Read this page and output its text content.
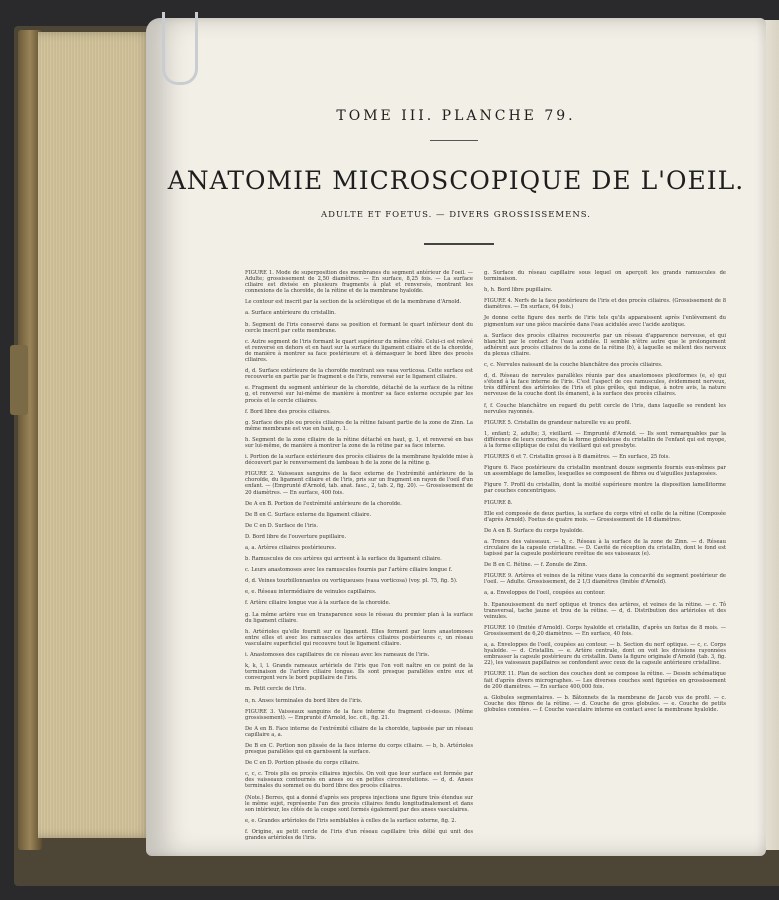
TOME III. PLANCHE 79.
ANATOMIE MICROSCOPIQUE DE L'OEIL.
ADULTE ET FOETUS. — DIVERS GROSSISSEMENS.
FIGURE 1. Mode de superposition des membranes du segment antérieur de l'oeil. — Adulte; grossissement de 2,50 diamètres. — En surface, 8,25 fois. — La surface ciliaire est divisée en plusieurs fragments à plat et renversés, montrant les connexions de la choroïde, de la rétine et de la membrane hyaloïde.
Le contour est inscrit par la section de la sclérotique et de la membrane d'Arnold.
a. Surface antérieure du cristallin.
b. Segment de l'iris conservé dans sa position et formant le quart inférieur dont du cercle inscrit par cette membrane.
c. Autre segment de l'iris formant le quart supérieur du même côté. Celui-ci est relevé et renversé en dehors et en haut sur la surface du ligament ciliaire et de la choroïde, de manière à montrer sa face postérieure et à démasquer le bord libre des procès ciliaires.
d, d. Surface extérieure de la choroïde montrant ses vasa vorticosa. Cette surface est recouverte en partie par le fragment e de l'iris, renversé sur le ligament ciliaire.
e. Fragment du segment antérieur de la choroïde, détaché de la surface de la rétine g, et renversé sur lui-même de manière à montrer sa face externe occupée par les procès et le cercle ciliaires.
f. Bord libre des procès ciliaires.
g. Surface des plis ou procès ciliaires de la rétine faisant partie de la zone de Zinn. La même membrane est vue en haut, g. 1.
h. Segment de la zone ciliaire de la rétine détaché en haut, g. 1, et renversé en bas sur lui-même, de manière à montrer la zone de la rétine par sa face interne.
i. Portion de la surface extérieure des procès ciliaires de la membrane hyaloïde mise à découvert par le renversement du lambeau h de la zone de la rétine g.
FIGURE 2. Vaisseaux sanguins de la face externe de l'extrémité antérieure de la choroïde, du ligament ciliaire et de l'iris, pris sur un fragment en rayon de l'oeil d'un enfant. — (Emprunté d'Arnold, tab. anat. fasc., 2, tab. 2, fig. 20). — Grossissement de 20 diamètres. — En surface, 400 fois.
De A en B. Portion de l'extrémité antérieure de la choroïde.
De B en C. Surface externe du ligament ciliaire.
De C en D. Surface de l'iris.
D. Bord libre de l'ouverture pupillaire.
a, a. Artères ciliaires postérieures.
b. Ramuscules de ces artères qui arrivent à la surface du ligament ciliaire.
c. Leurs anastomoses avec les ramuscules fournis par l'artère ciliaire longue f.
d, d. Veines tourbillonnantes ou vortiqueuses (vasa vorticosa) (voy. pl. 75, fig. 5).
e, e. Réseau intermédiaire de veinules capillaires.
f. Artère ciliaire longue vue à la surface de la choroïde.
g. La même artère vue en transparence sous le réseau du premier plan à la surface du ligament ciliaire.
h. Artérioles qu'elle fournit sur ce ligament. Elles forment par leurs anastomoses entre elles et avec les ramuscules des artères ciliaires postérieures c, un réseau vasculaire superficiel qui recouvre tout le ligament ciliaire.
i. Anastomoses des capillaires de ce réseau avec les rameaux de l'iris.
k, k, l, l. Grands rameaux artériels de l'iris que l'on voit naître en ce point de la terminaison de l'artère ciliaire longue. Ils sont presque parallèles entre eux et convergent vers le bord pupillaire de l'iris.
m. Petit cercle de l'iris.
n, n. Anses terminales du bord libre de l'iris.
FIGURE 3. Vaisseaux sanguins de la face interne du fragment ci-dessus. (Même grossissement). — Emprunté d'Arnold, loc. cit., fig. 21.
De A en B. Face interne de l'extrémité ciliaire de la choroïde, tapissée par un réseau capillaire a, a.
De B en C. Portion non plissée de la face interne du corps ciliaire. — b, b. Artérioles presque parallèles qui en garnissent la surface.
De C en D. Portion plissée du corps ciliaire.
c, c, c. Trois plis ou procès ciliaires injectés. On voit que leur surface est formée par des vaisseaux contournés en anses ou en petites circonvolutions. — d, d. Anses terminales du sommet ou du bord libre des procès ciliaires.
(Note.) Berres, qui a donné d'après ses propres injections une figure très étendue sur le même sujet, représente l'un des procès ciliaires fendu longitudinalement et dans son intérieur, les côtés de la coupe sont formés également par des anses vasculaires.
e, e. Grandes artérioles de l'iris semblables à celles de la surface externe, fig. 2.
f. Origine, au petit cercle de l'iris d'un réseau capillaire très délié qui unit des grandes artérioles de l'iris.
g. Surface du réseau capillaire sous lequel on aperçoit les grands ramuscules de terminaison.
h, h. Bord libre pupillaire.
FIGURE 4. Nerfs de la face postérieure de l'iris et des procès ciliaires. (Grossissement de 8 diamètres. — En surface, 64 fois.)
Je donne cette figure des nerfs de l'iris tels qu'ils apparaissent après l'enlèvement du pigmentum sur une pièce macérée dans l'eau acidulée avec l'acide azotique.
a. Surface des procès ciliaires recouverte par un réseau d'apparence nerveuse, et qui blanchit par le contact de l'eau acidulée. Il semble n'être autre que le prolongement adhérent aux procès ciliaires de la zone de la rétine (b), à laquelle se mêlent des nerveux du plexus ciliaire.
c, c. Nervules naissant de la couche blanchâtre des procès ciliaires.
d, d. Réseau de nervules parallèles réunis par des anastomoses plexiformes (e, e) qui s'étend à la face interne de l'iris. C'est l'aspect de ces ramuscules, évidemment nerveux, très différent des artérioles de l'iris et plus grêles, qui indique, à notre avis, la nature nerveuse de la couche dont ils émanent, à la surface des procès ciliaires.
f, f. Couche blanchâtre en regard du petit cercle de l'iris, dans laquelle se rendent les nervules rayonnés.
FIGURE 5. Cristallin de grandeur naturelle vu au profil.
1, enfant; 2, adulte; 3, vieillard. — Emprunté d'Arnold. — Ils sont remarquables par la différence de leurs courbes; de la forme globuleuse du cristallin de l'enfant qui est myope, à la forme elliptique de celui du vieillard qui est presbyte.
FIGURES 6 et 7. Cristallin grossi à 8 diamètres. — En surface, 25 fois.
Figure 6. Face postérieure du cristallin montrant douze segments fournis eux-mêmes par un assemblage de lamelles, lesquelles se composent de fibres ou d'aiguilles juxtaposées.
Figure 7. Profil du cristallin, dont la moitié supérieure montre la disposition lamellitorme par couches concentriques.
FIGURE 8.
Elle est composée de deux parties, la surface du corps vitré et celle de la rétine (Composée d'après Arnold). Foetus de quatre mois. — Grossissement de 18 diamètres.
De A en B. Surface du corps hyaloïde.
a. Troncs des vaisseaux. — b, c. Réseau à la surface de la zone de Zinn. — d. Réseau circulaire de la capsule cristalline. — D. Cavité de réception du cristallin, dont le fond est tapissé par la capsule postérieure revêtue de ses vaisseaux (e).
De B en C. Rétine. — f. Zonule de Zinn.
FIGURE 9. Artères et veines de la rétine vues dans la concavité du segment postérieur de l'oeil. — Adulte. Grossissement, de 2 1/3 diamètres (Imitée d'Arnold).
a, a. Enveloppes de l'oeil, coupées au contour.
b. Epanouissement du nerf optique et troncs des artères, et veines de la rétine. — c. Tô transversal, tache jaune et trou de la rétine. — d, d. Distribution des artérioles et des veinules.
FIGURE 10 (Imitée d'Arnold). Corps hyaloïde et cristallin, d'après un fœtus de 8 mois. — Grossissement de 6,20 diamètres. — En surface, 40 fois.
a, a. Enveloppes de l'oeil, coupées au contour. — b. Section du nerf optique. — c, c. Corps hyaloïde. — d. Cristallin. — e. Artère centrale, dont on voit les divisions rayonnées embrasser la capsule postérieure du cristallin. Dans la figure originale d'Arnold (tab. 3, fig. 22), les vaisseaux papillaires se confondent avec ceux de la capsule antérieure cristalline.
FIGURE 11. Plan de section des couches dont se compose la rétine. — Dessin schématique fait d'après divers micrographes. — Les diverses couches sont figurées en grossissement de 200 diamètres. — En surface 400,000 fois.
a. Globules segmentaires. — b. Bâtonnets de la membrane de Jacob vus de profil. — c. Couche des fibres de la rétine. — d. Couche de gros globules. — e. Couche de petits globules connées. — f. Couche vasculaire interne en contact avec la membrane hyaloïde.
